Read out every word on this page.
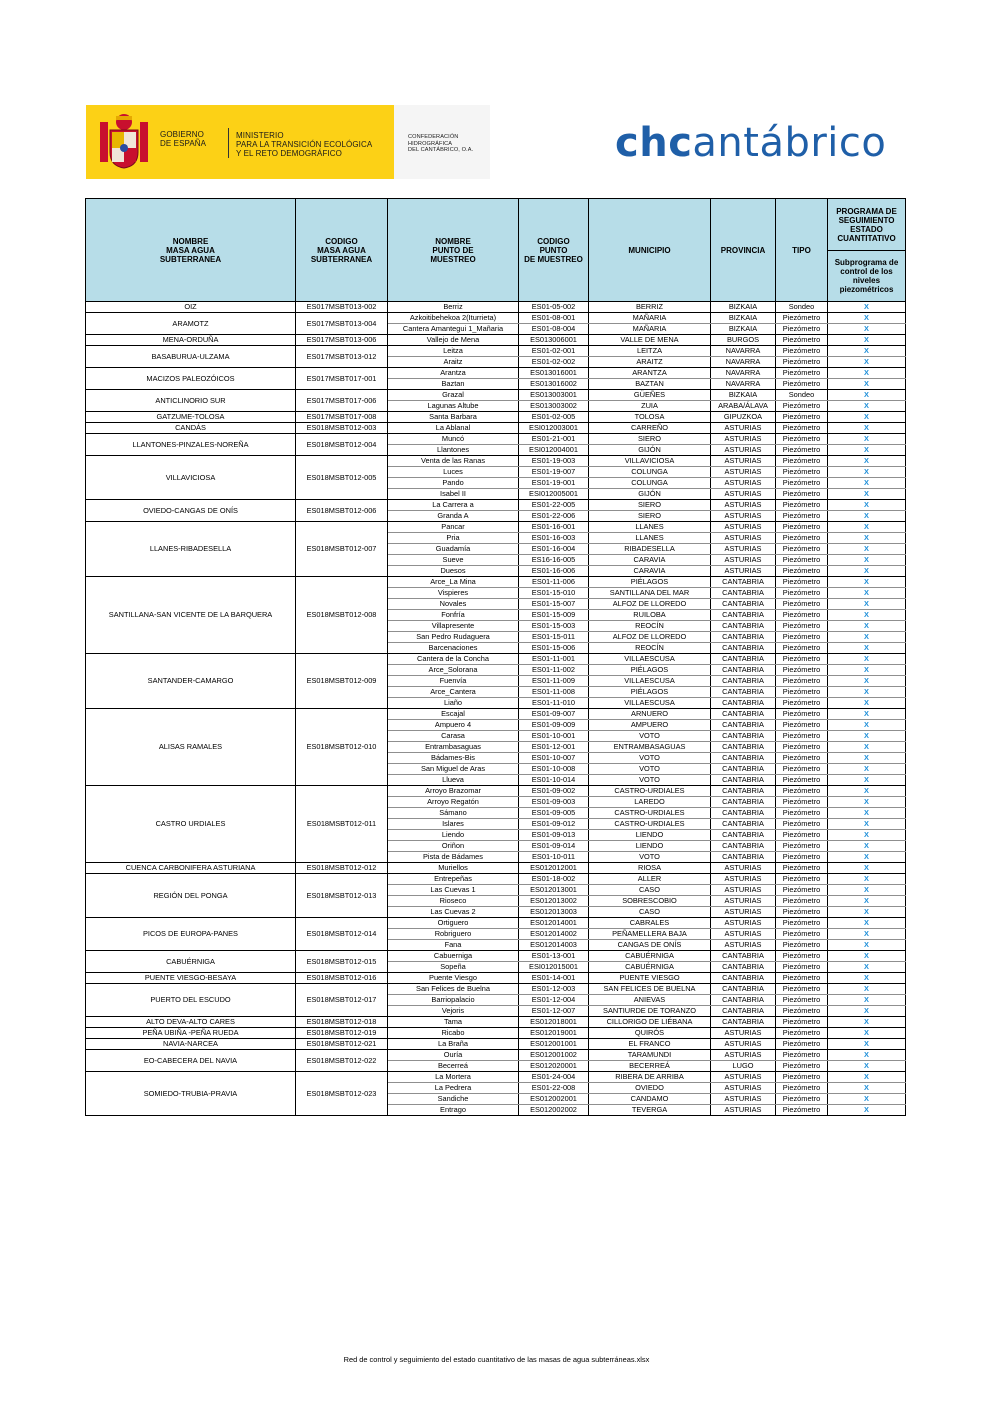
GOBIERNO
DE ESPAÑA
MINISTERIO
PARA LA TRANSICIÓN ECOLÓGICA
Y EL RETO DEMOGRÁFICO
CONFEDERACIÓN
HIDROGRÁFICA
DEL CANTÁBRICO, O.A.	chcantábrico
NOMBRE
MASA AGUA
SUBTERRANEA	CODIGO
MASA AGUA
SUBTERRANEA	NOMBRE
PUNTO DE
MUESTREO	CODIGO
PUNTO
DE MUESTREO	MUNICIPIO	PROVINCIA	TIPO	PROGRAMA DE
SEGUIMIENTO
ESTADO
CUANTITATIVO
							Subprograma de
control de los
niveles
piezométricos
OIZ	ES017MSBT013-002	Berriz	ES01-05-002	BERRIZ	BIZKAIA	Sondeo	X
ARAMOTZ	ES017MSBT013-004	Azkoitibehekoa 2(Iturrieta)	ES01-08-001	MAÑARIA	BIZKAIA	Piezómetro	X
		Cantera Amantegui 1_Mañaria	ES01-08-004	MAÑARIA	BIZKAIA	Piezómetro	X
MENA-ORDUÑA	ES017MSBT013-006	Vallejo de Mena	ES013006001	VALLE DE MENA	BURGOS	Piezómetro	X
BASABURUA-ULZAMA	ES017MSBT013-012	Leitza	ES01-02-001	LEITZA	NAVARRA	Piezómetro	X
		Araitz	ES01-02-002	ARAITZ	NAVARRA	Piezómetro	X
MACIZOS PALEOZÓICOS	ES017MSBT017-001	Arantza	ES013016001	ARANTZA	NAVARRA	Piezómetro	X
		Baztan	ES013016002	BAZTAN	NAVARRA	Piezómetro	X
ANTICLINORIO SUR	ES017MSBT017-006	Grazal	ES013003001	GÜEÑES	BIZKAIA	Sondeo	X
		Lagunas Altube	ES013003002	ZUIA	ARABA/ÁLAVA	Piezómetro	X
GATZUME-TOLOSA	ES017MSBT017-008	Santa Barbara	ES01-02-005	TOLOSA	GIPUZKOA	Piezómetro	X
CANDÁS	ES018MSBT012-003	La Ablanal	ESI012003001	CARREÑO	ASTURIAS	Piezómetro	X
LLANTONES-PINZALES-NOREÑA	ES018MSBT012-004	Muncó	ES01-21-001	SIERO	ASTURIAS	Piezómetro	X
		Llantones	ESI012004001	GIJÓN	ASTURIAS	Piezómetro	X
VILLAVICIOSA	ES018MSBT012-005	Venta de las Ranas	ES01-19-003	VILLAVICIOSA	ASTURIAS	Piezómetro	X
		Luces	ES01-19-007	COLUNGA	ASTURIAS	Piezómetro	X
		Pando	ES01-19-001	COLUNGA	ASTURIAS	Piezómetro	X
		Isabel II	ESI012005001	GIJÓN	ASTURIAS	Piezómetro	X
OVIEDO-CANGAS DE ONÍS	ES018MSBT012-006	La Carrera a	ES01-22-005	SIERO	ASTURIAS	Piezómetro	X
		Granda A	ES01-22-006	SIERO	ASTURIAS	Piezómetro	X
LLANES-RIBADESELLA	ES018MSBT012-007	Pancar	ES01-16-001	LLANES	ASTURIAS	Piezómetro	X
		Pria	ES01-16-003	LLANES	ASTURIAS	Piezómetro	X
		Guadamía	ES01-16-004	RIBADESELLA	ASTURIAS	Piezómetro	X
		Sueve	ES16-16-005	CARAVIA	ASTURIAS	Piezómetro	X
		Duesos	ES01-16-006	CARAVIA	ASTURIAS	Piezómetro	X
SANTILLANA-SAN VICENTE DE LA BARQUERA	ES018MSBT012-008	Arce_La Mina	ES01-11-006	PIÉLAGOS	CANTABRIA	Piezómetro	X
		Vispieres	ES01-15-010	SANTILLANA DEL MAR	CANTABRIA	Piezómetro	X
		Novales	ES01-15-007	ALFOZ DE LLOREDO	CANTABRIA	Piezómetro	X
		Fonfría	ES01-15-009	RUILOBA	CANTABRIA	Piezómetro	X
		Villapresente	ES01-15-003	REOCÍN	CANTABRIA	Piezómetro	X
		San Pedro Rudaguera	ES01-15-011	ALFOZ DE LLOREDO	CANTABRIA	Piezómetro	X
		Barcenaciones	ES01-15-006	REOCÍN	CANTABRIA	Piezómetro	X
SANTANDER-CAMARGO	ES018MSBT012-009	Cantera de la Concha	ES01-11-001	VILLAESCUSA	CANTABRIA	Piezómetro	X
		Arce_Solorana	ES01-11-002	PIÉLAGOS	CANTABRIA	Piezómetro	X
		Fuenvía	ES01-11-009	VILLAESCUSA	CANTABRIA	Piezómetro	X
		Arce_Cantera	ES01-11-008	PIÉLAGOS	CANTABRIA	Piezómetro	X
		Liaño	ES01-11-010	VILLAESCUSA	CANTABRIA	Piezómetro	X
ALISAS RAMALES	ES018MSBT012-010	Escajal	ES01-09-007	ARNUERO	CANTABRIA	Piezómetro	X
		Ampuero 4	ES01-09-009	AMPUERO	CANTABRIA	Piezómetro	X
		Carasa	ES01-10-001	VOTO	CANTABRIA	Piezómetro	X
		Entrambasaguas	ES01-12-001	ENTRAMBASAGUAS	CANTABRIA	Piezómetro	X
		Bádames-Bis	ES01-10-007	VOTO	CANTABRIA	Piezómetro	X
		San Miguel de Aras	ES01-10-008	VOTO	CANTABRIA	Piezómetro	X
		Llueva	ES01-10-014	VOTO	CANTABRIA	Piezómetro	X
CASTRO URDIALES	ES018MSBT012-011	Arroyo Brazomar	ES01-09-002	CASTRO-URDIALES	CANTABRIA	Piezómetro	X
		Arroyo Regatón	ES01-09-003	LAREDO	CANTABRIA	Piezómetro	X
		Sámano	ES01-09-005	CASTRO-URDIALES	CANTABRIA	Piezómetro	X
		Islares	ES01-09-012	CASTRO-URDIALES	CANTABRIA	Piezómetro	X
		Liendo	ES01-09-013	LIENDO	CANTABRIA	Piezómetro	X
		Oriñon	ES01-09-014	LIENDO	CANTABRIA	Piezómetro	X
		Pista de Bádames	ES01-10-011	VOTO	CANTABRIA	Piezómetro	X
CUENCA CARBONIFERA ASTURIANA	ES018MSBT012-012	Muriellos	ES012012001	RIOSA	ASTURIAS	Piezómetro	X
REGIÓN DEL PONGA	ES018MSBT012-013	Entrepeñas	ES01-18-002	ALLER	ASTURIAS	Piezómetro	X
		Las Cuevas 1	ES012013001	CASO	ASTURIAS	Piezómetro	X
		Rioseco	ES012013002	SOBRESCOBIO	ASTURIAS	Piezómetro	X
		Las Cuevas 2	ES012013003	CASO	ASTURIAS	Piezómetro	X
PICOS DE EUROPA-PANES	ES018MSBT012-014	Ortiguero	ES012014001	CABRALES	ASTURIAS	Piezómetro	X
		Robriguero	ES012014002	PEÑAMELLERA BAJA	ASTURIAS	Piezómetro	X
		Fana	ES012014003	CANGAS DE ONÍS	ASTURIAS	Piezómetro	X
CABUÉRNIGA	ES018MSBT012-015	Cabuerniga	ES01-13-001	CABUÉRNIGA	CANTABRIA	Piezómetro	X
		Sopeña	ESI012015001	CABUÉRNIGA	CANTABRIA	Piezómetro	X
PUENTE VIESGO-BESAYA	ES018MSBT012-016	Puente Viesgo	ES01-14-001	PUENTE VIESGO	CANTABRIA	Piezómetro	X
PUERTO DEL ESCUDO	ES018MSBT012-017	San Felices de Buelna	ES01-12-003	SAN FELICES DE BUELNA	CANTABRIA	Piezómetro	X
		Barriopalacio	ES01-12-004	ANIEVAS	CANTABRIA	Piezómetro	X
		Vejoris	ES01-12-007	SANTIURDE DE TORANZO	CANTABRIA	Piezómetro	X
ALTO DEVA-ALTO CARES	ES018MSBT012-018	Tama	ES012018001	CILLORIGO DE LIÉBANA	CANTABRIA	Piezómetro	X
PEÑA UBIÑA -PEÑA RUEDA	ES018MSBT012-019	Ricabo	ES012019001	QUIRÓS	ASTURIAS	Piezómetro	X
NAVIA-NARCEA	ES018MSBT012-021	La Braña	ES012001001	EL FRANCO	ASTURIAS	Piezómetro	X
EO-CABECERA DEL NAVIA	ES018MSBT012-022	Ouría	ES012001002	TARAMUNDI	ASTURIAS	Piezómetro	X
		Becerreá	ES012020001	BECERREÁ	LUGO	Piezómetro	X
SOMIEDO-TRUBIA-PRAVIA	ES018MSBT012-023	La Mortera	ES01-24-004	RIBERA DE ARRIBA	ASTURIAS	Piezómetro	X
		La Pedrera	ES01-22-008	OVIEDO	ASTURIAS	Piezómetro	X
		Sandiche	ES012002001	CANDAMO	ASTURIAS	Piezómetro	X
		Entrago	ES012002002	TEVERGA	ASTURIAS	Piezómetro	X
Red de control y seguimiento del estado cuantitativo de las masas de agua subterráneas.xlsx
